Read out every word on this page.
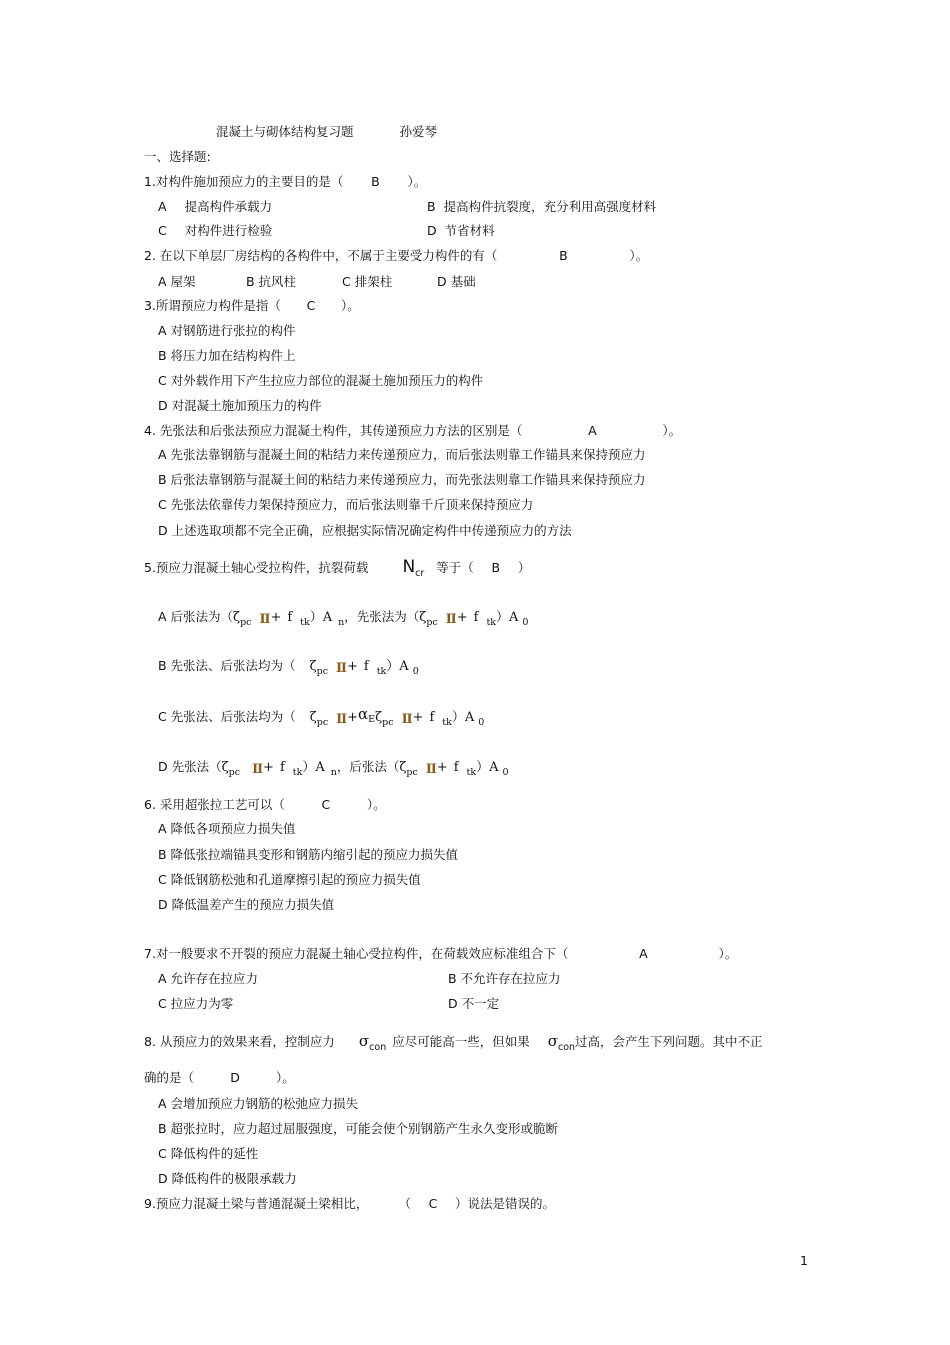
混凝土与砌体结构复习题	孙爱琴
一、选择题:
1.对构件施加预应力的主要目的是（ B ）。
A 提高构件承载力	B 提高构件抗裂度，充分利用高强度材料
C 对构件进行检验	D 节省材料
2. 在以下单层厂房结构的各构件中，不属于主要受力构件的有（	B	）。
A 屋架	B 抗风柱	C 排架柱	D 基础
3.所谓预应力构件是指（ C ）。
A 对钢筋进行张拉的构件
B 将压力加在结构构件上
C 对外载作用下产生拉应力部位的混凝土施加预压力的构件
D 对混凝土施加预压力的构件
4. 先张法和后张法预应力混凝土构件，其传递预应力方法的区别是（	A	）。
A 先张法靠钢筋与混凝土间的粘结力来传递预应力，而后张法则靠工作锚具来保持预应力
B 后张法靠钢筋与混凝土间的粘结力来传递预应力，而先张法则靠工作锚具来保持预应力
C 先张法依靠传力架保持预应力，而后张法则靠千斤顶来保持预应力
D 上述选取项都不完全正确，应根据实际情况确定构件中传递预应力的方法
5.预应力混凝土轴心受拉构件，抗裂荷载 $N_{cr}$ 等于（ B ）
A 后张法为（$\zeta_{pc}$ Ⅱ+ f $_{tk}$）A $_n$，先张法为（$\zeta_{pc}$ Ⅱ+ f $_{tk}$）A $_0$
B 先张法、后张法均为（ $\zeta_{pc}$ Ⅱ+ f $_{tk}$）A $_0$
C 先张法、后张法均为（ $\zeta_{pc}$ Ⅱ+αEζ$_{pc}$ Ⅱ+ f $_{tk}$）A $_0$
D 先张法（$\zeta_{pc}$ Ⅱ+ f $_{tk}$）A $_n$，后张法（$\zeta_{pc}$ Ⅱ+ f $_{tk}$）A $_0$
6. 采用超张拉工艺可以（	C	）。
A 降低各项预应力损失值
B 降低张拉端锚具变形和钢筋内缩引起的预应力损失值
C 降低钢筋松弛和孔道摩擦引起的预应力损失值
D 降低温差产生的预应力损失值
7.对一般要求不开裂的预应力混凝土轴心受拉构件，在荷载效应标准组合下（	A	）。
A 允许存在拉应力	B 不允许存在拉应力
C 拉应力为零	D 不一定
8. 从预应力的效果来看，控制应力 $\sigma_{con}$ 应尽可能高一些，但如果 $\sigma_{con}$过高，会产生下列问题。其中不正
确的是（	D	）。
A 会增加预应力钢筋的松弛应力损失
B 超张拉时，应力超过屈服强度，可能会使个别钢筋产生永久变形或脆断
C 降低构件的延性
D 降低构件的极限承载力
9.预应力混凝土梁与普通混凝土梁相比， （ C ）说法是错误的。
1
